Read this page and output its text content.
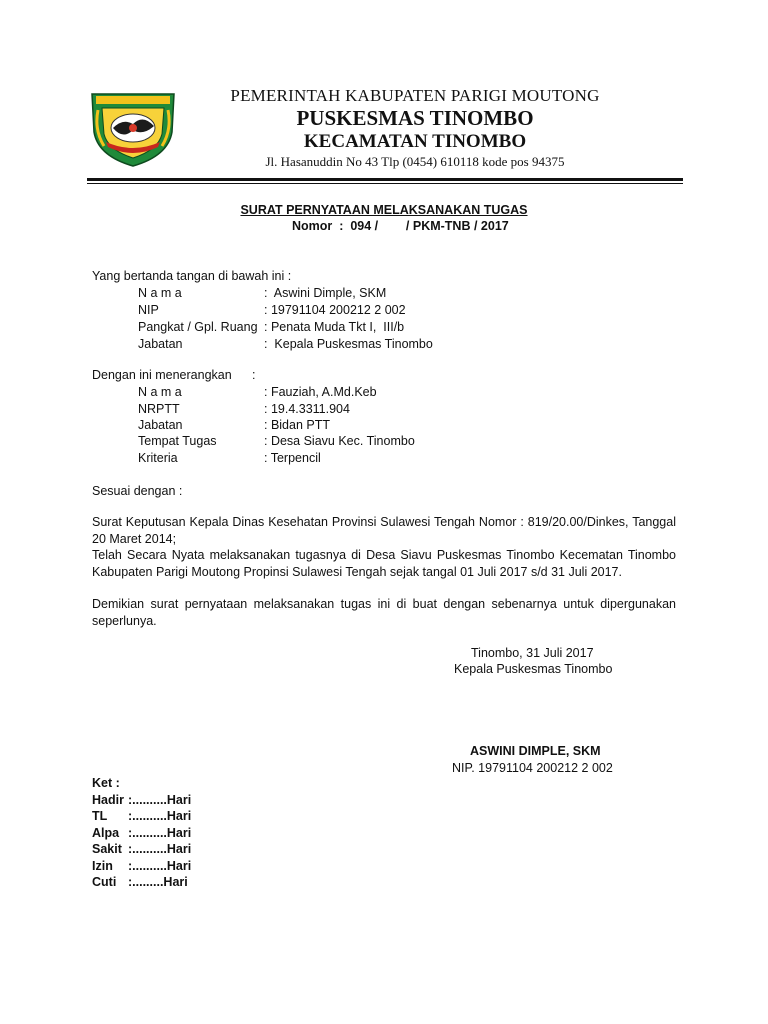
PEMERINTAH KABUPATEN PARIGI MOUTONG
PUSKESMAS TINOMBO
KECAMATAN TINOMBO
Jl. Hasanuddin No 43 Tlp (0454) 610118 kode pos 94375
SURAT PERNYATAAN MELAKSANAKAN TUGAS
Nomor  :  094 /        / PKM-TNB / 2017
Yang bertanda tangan di bawah ini :
N a m a	:  Aswini Dimple, SKM
NIP	: 19791104 200212 2 002
Pangkat / Gpl. Ruang : Penata Muda Tkt I,  III/b
Jabatan	:  Kepala Puskesmas Tinombo
Dengan ini menerangkan :
N a m a	: Fauziah, A.Md.Keb
NRPTT	: 19.4.3311.904
Jabatan	: Bidan PTT
Tempat Tugas	: Desa Siavu Kec. Tinombo
Kriteria	: Terpencil
Sesuai dengan :
Surat Keputusan Kepala Dinas Kesehatan Provinsi Sulawesi Tengah Nomor : 819/20.00/Dinkes, Tanggal 20 Maret 2014;
Telah Secara Nyata melaksanakan tugasnya di Desa Siavu Puskesmas Tinombo Kecematan Tinombo Kabupaten Parigi Moutong Propinsi Sulawesi Tengah sejak tangal 01 Juli 2017 s/d 31 Juli 2017.
Demikian surat pernyataan melaksanakan tugas ini di buat dengan sebenarnya untuk dipergunakan seperlunya.
Tinombo, 31 Juli 2017
Kepala Puskesmas Tinombo
ASWINI DIMPLE, SKM
NIP. 19791104 200212 2 002
Ket :
Hadir :..........Hari
TL :..........Hari
Alpa :..........Hari
Sakit :..........Hari
Izin :..........Hari
Cuti :.........Hari
